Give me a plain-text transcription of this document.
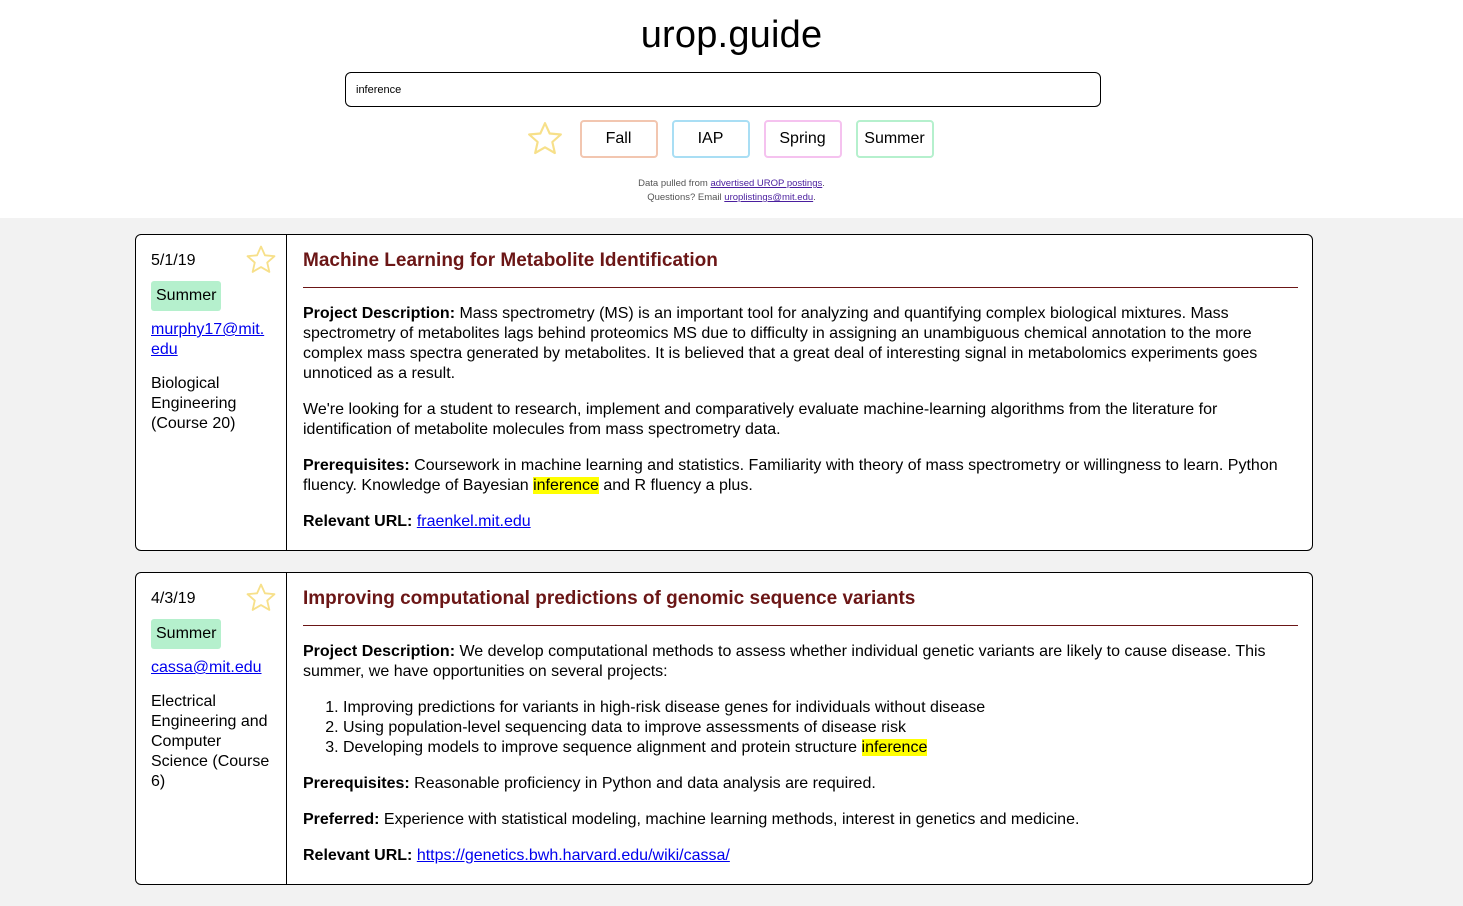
urop.guide
inference
Fall	IAP	Spring	Summer
Data pulled from advertised UROP postings.
Questions? Email uroplistings@mit.edu.
5/1/19
Summer
murphy17@mit.edu
Biological Engineering (Course 20)
Machine Learning for Metabolite Identification

Project Description: Mass spectrometry (MS) is an important tool for analyzing and quantifying complex biological mixtures. Mass spectrometry of metabolites lags behind proteomics MS due to difficulty in assigning an unambiguous chemical annotation to the more complex mass spectra generated by metabolites. It is believed that a great deal of interesting signal in metabolomics experiments goes unnoticed as a result.

We're looking for a student to research, implement and comparatively evaluate machine-learning algorithms from the literature for identification of metabolite molecules from mass spectrometry data.

Prerequisites: Coursework in machine learning and statistics. Familiarity with theory of mass spectrometry or willingness to learn. Python fluency. Knowledge of Bayesian inference and R fluency a plus.

Relevant URL: fraenkel.mit.edu

4/3/19
Summer
cassa@mit.edu
Electrical Engineering and Computer Science (Course 6)
Improving computational predictions of genomic sequence variants

Project Description: We develop computational methods to assess whether individual genetic variants are likely to cause disease. This summer, we have opportunities on several projects:

1. Improving predictions for variants in high-risk disease genes for individuals without disease
2. Using population-level sequencing data to improve assessments of disease risk
3. Developing models to improve sequence alignment and protein structure inference

Prerequisites: Reasonable proficiency in Python and data analysis are required.

Preferred: Experience with statistical modeling, machine learning methods, interest in genetics and medicine.

Relevant URL: https://genetics.bwh.harvard.edu/wiki/cassa/
